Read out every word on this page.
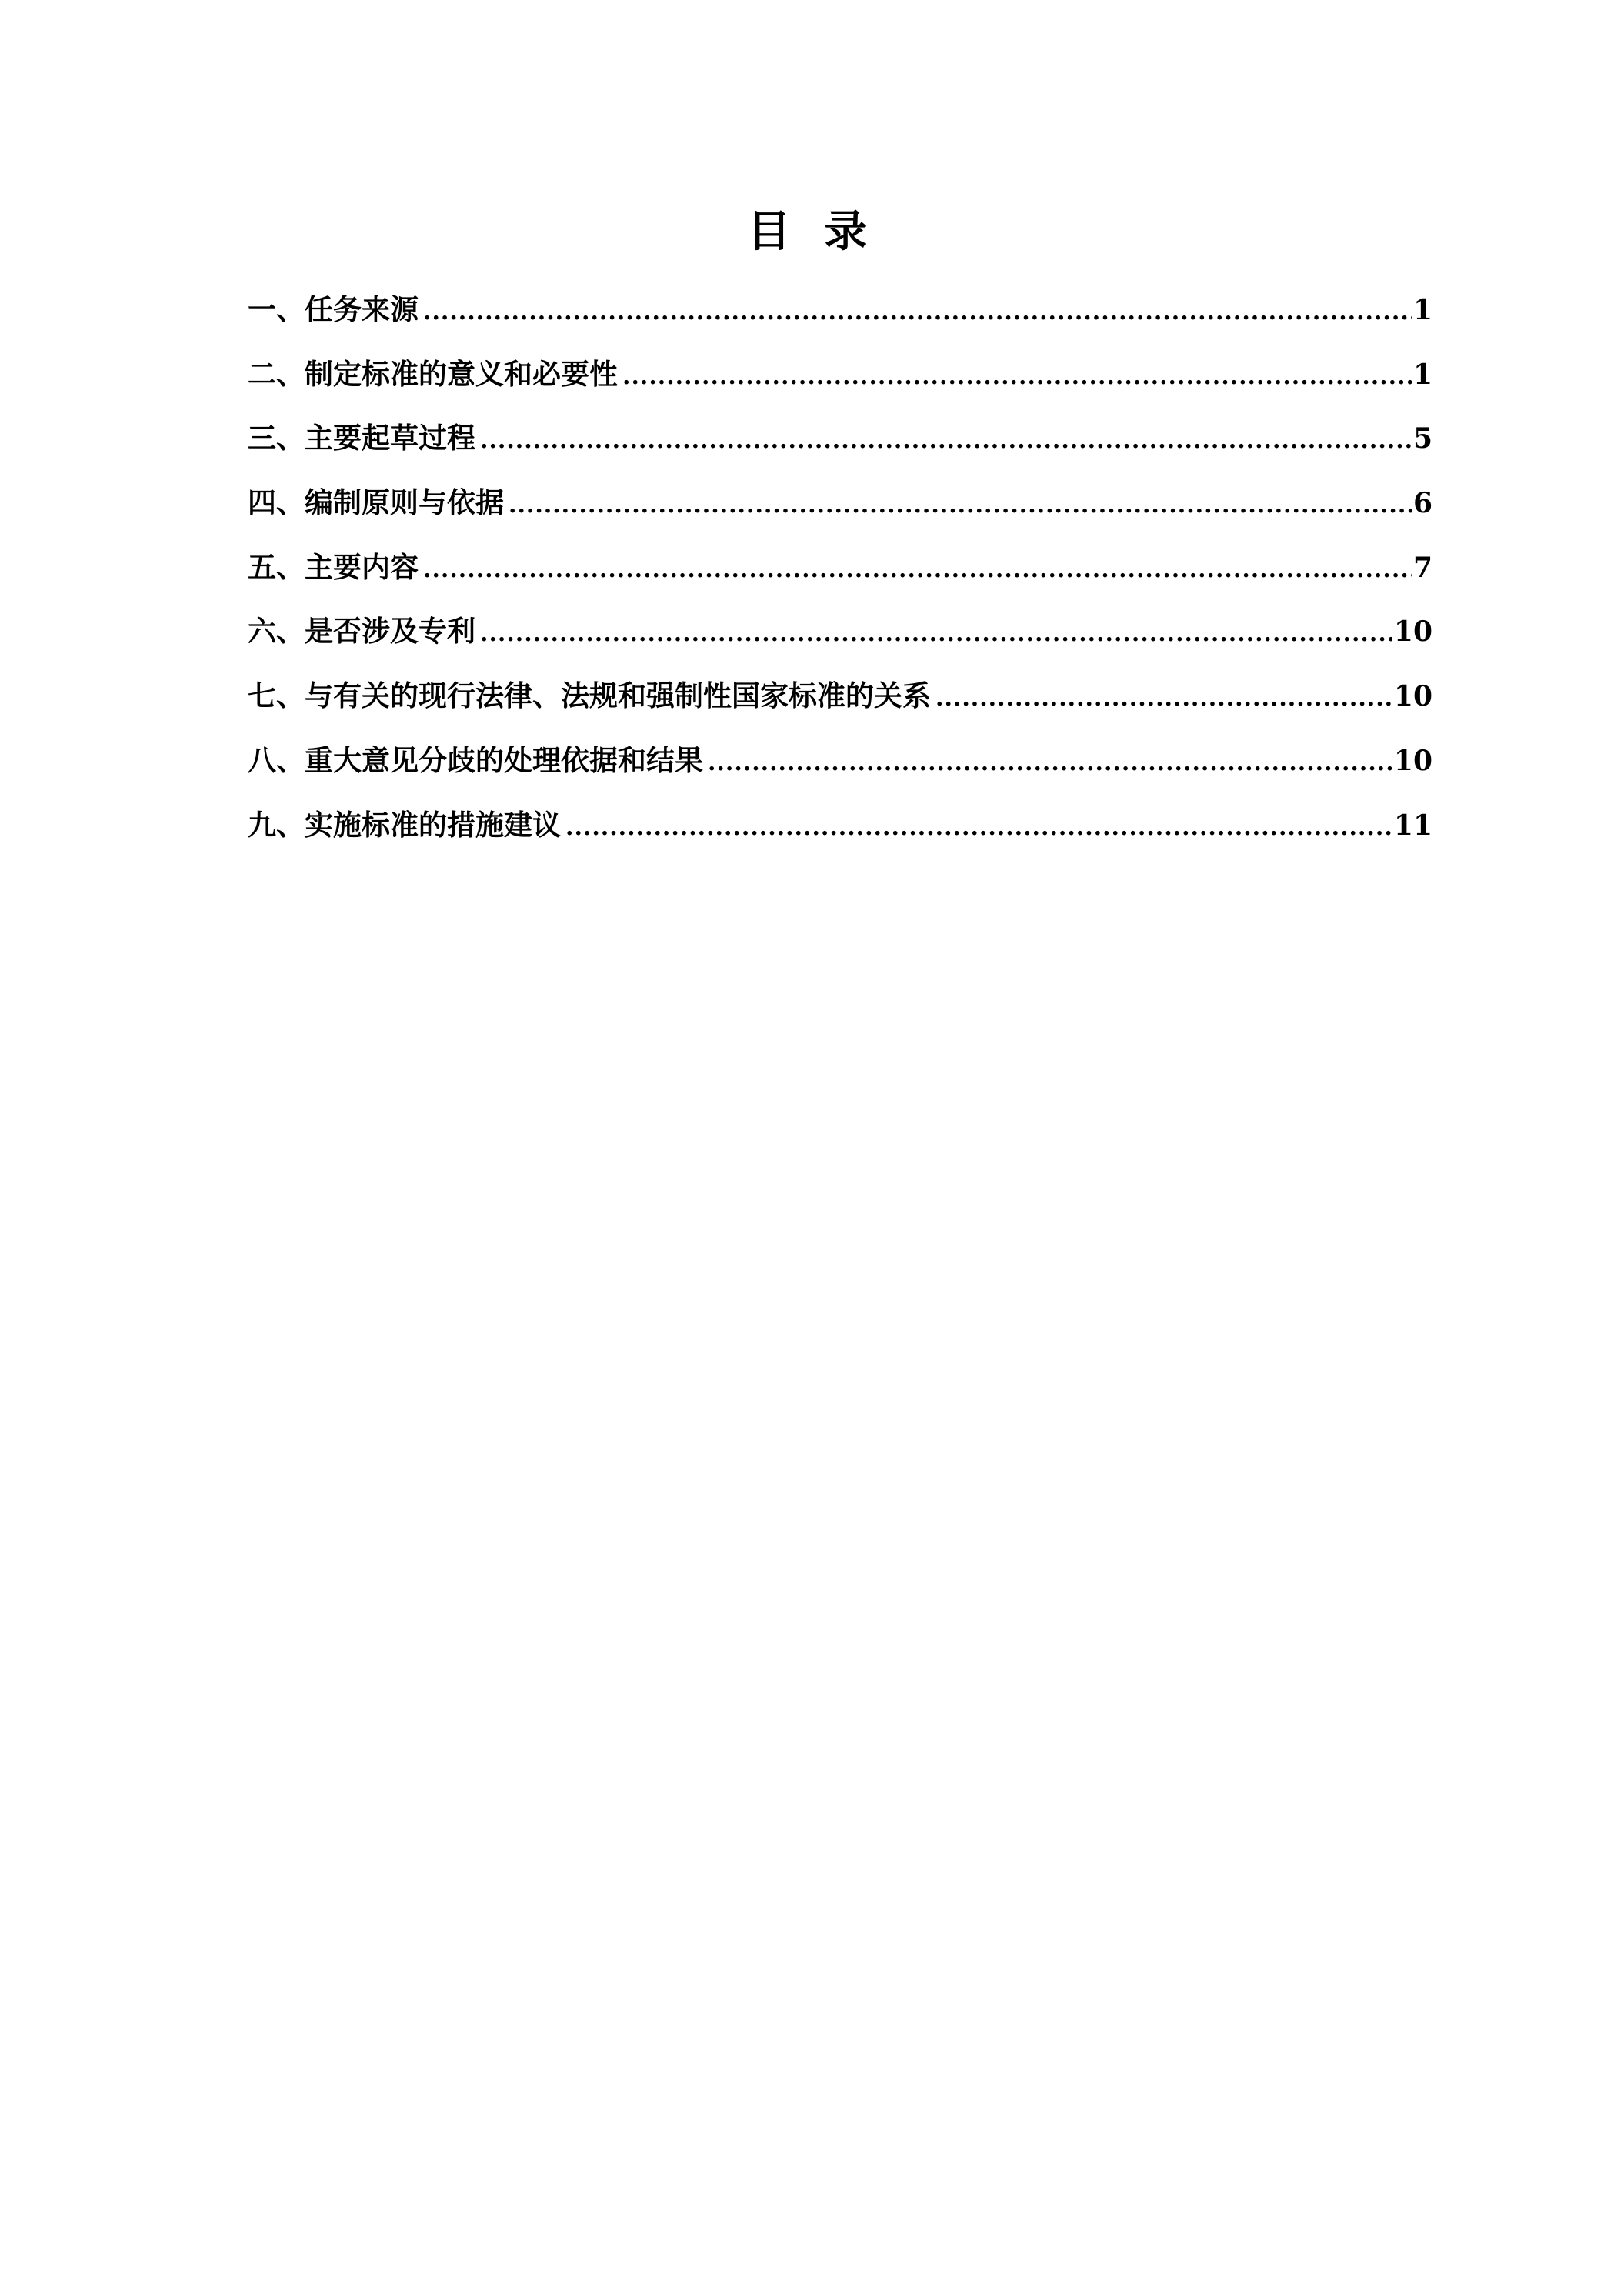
目 录
一、任务来源 .....	1
二、制定标准的意义和必要性 .....	1
三、主要起草过程 .....	5
四、编制原则与依据 .....	6
五、主要内容 .....	7
六、是否涉及专利 .....	10
七、与有关的现行法律、法规和强制性国家标准的关系 .....	10
八、重大意见分歧的处理依据和结果 .....	10
九、实施标准的措施建议 .....	11
